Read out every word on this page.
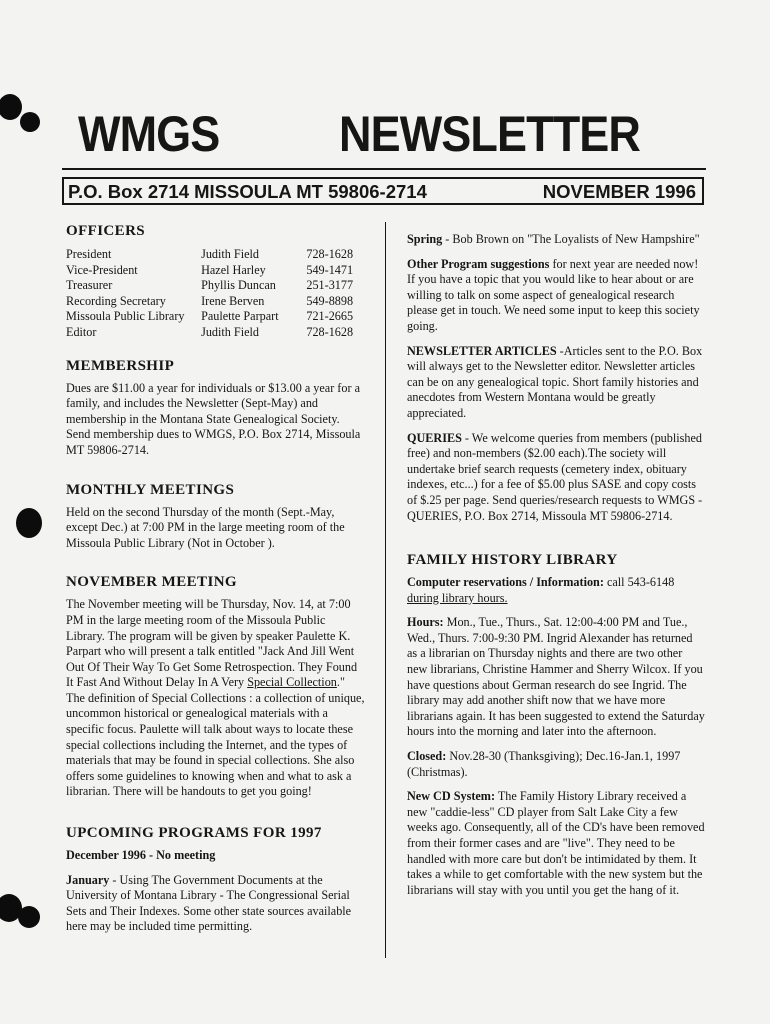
WMGS NEWSLETTER
P.O. Box 2714 MISSOULA MT 59806-2714	NOVEMBER 1996
OFFICERS
President	Judith Field	728-1628
Vice-President	Hazel Harley	549-1471
Treasurer	Phyllis Duncan	251-3177
Recording Secretary	Irene Berven	549-8898
Missoula Public Library	Paulette Parpart	721-2665
Editor	Judith Field	728-1628
MEMBERSHIP

Dues are $11.00 a year for individuals or $13.00 a year for a family, and includes the Newsletter (Sept-May) and membership in the Montana State Genealogical Society. Send membership dues to WMGS, P.O. Box 2714, Missoula MT 59806-2714.

MONTHLY MEETINGS

Held on the second Thursday of the month (Sept.-May, except Dec.) at 7:00 PM in the large meeting room of the Missoula Public Library (Not in October ).

NOVEMBER MEETING

The November meeting will be Thursday, Nov. 14, at 7:00 PM in the large meeting room of the Missoula Public Library. The program will be given by speaker Paulette K. Parpart who will present a talk entitled "Jack And Jill Went Out Of Their Way To Get Some Retrospection. They Found It Fast And Without Delay In A Very Special Collection." The definition of Special Collections : a collection of unique, uncommon historical or genealogical materials with a specific focus. Paulette will talk about ways to locate these special collections including the Internet, and the types of materials that may be found in special collections. She also offers some guidelines to knowing when and what to ask a librarian. There will be handouts to get you going!

UPCOMING PROGRAMS FOR 1997

December 1996 - No meeting

January - Using The Government Documents at the University of Montana Library - The Congressional Serial Sets and Their Indexes. Some other state sources available here may be included time permitting.

Spring - Bob Brown on "The Loyalists of New Hampshire"

Other Program suggestions for next year are needed now! If you have a topic that you would like to hear about or are willing to talk on some aspect of genealogical research please get in touch. We need some input to keep this society going.

NEWSLETTER ARTICLES -Articles sent to the P.O. Box will always get to the Newsletter editor. Newsletter articles can be on any genealogical topic. Short family histories and anecdotes from Western Montana would be greatly appreciated.

QUERIES - We welcome queries from members (published free) and non-members ($2.00 each).The society will undertake brief search requests (cemetery index, obituary indexes, etc...) for a fee of $5.00 plus SASE and copy costs of $.25 per page. Send queries/research requests to WMGS -QUERIES, P.O. Box 2714, Missoula MT 59806-2714.

FAMILY HISTORY LIBRARY

Computer reservations / Information: call 543-6148 during library hours.

Hours: Mon., Tue., Thurs., Sat. 12:00-4:00 PM and Tue., Wed., Thurs. 7:00-9:30 PM. Ingrid Alexander has returned as a librarian on Thursday nights and there are two other new librarians, Christine Hammer and Sherry Wilcox. If you have questions about German research do see Ingrid. The library may add another shift now that we have more librarians again. It has been suggested to extend the Saturday hours into the morning and later into the afternoon.

Closed: Nov.28-30 (Thanksgiving); Dec.16-Jan.1, 1997 (Christmas).

New CD System: The Family History Library received a new "caddie-less" CD player from Salt Lake City a few weeks ago. Consequently, all of the CD's have been removed from their former cases and are "live". They need to be handled with more care but don't be intimidated by them. It takes a while to get comfortable with the new system but the librarians will stay with you until you get the hang of it.
